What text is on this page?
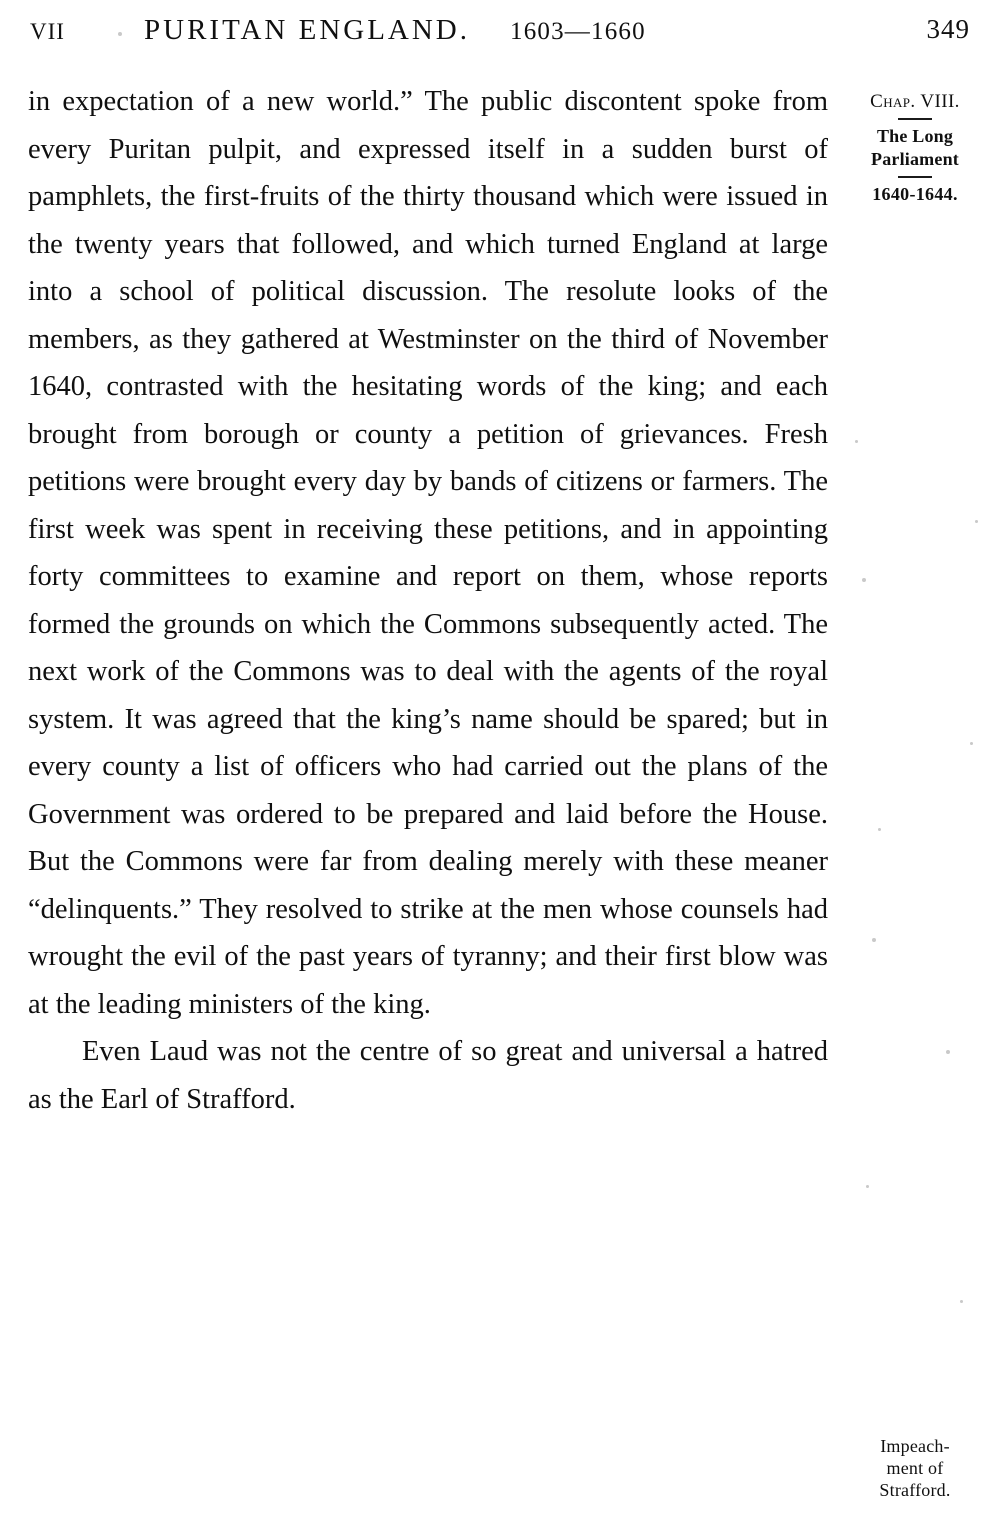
VII	PURITAN ENGLAND. 1603—1660	349

in expectation of a new world.” The public discontent spoke from every Puritan pulpit, and expressed itself in a sudden burst of pamphlets, the first-fruits of the thirty thousand which were issued in the twenty years that followed, and which turned England at large into a school of political discussion. The resolute looks of the members, as they gathered at Westminster on the third of November 1640, contrasted with the hesitating words of the king; and each brought from borough or county a petition of grievances. Fresh petitions were brought every day by bands of citizens or farmers. The first week was spent in receiving these petitions, and in appointing forty committees to examine and report on them, whose reports formed the grounds on which the Commons subsequently acted. The next work of the Commons was to deal with the agents of the royal system. It was agreed that the king’s name should be spared; but in every county a list of officers who had carried out the plans of the Government was ordered to be prepared and laid before the House. But the Commons were far from dealing merely with these meaner “delinquents.” They resolved to strike at the men whose counsels had wrought the evil of the past years of tyranny; and their first blow was at the leading ministers of the king.

Even Laud was not the centre of so great and universal a hatred as the Earl of Strafford.

Chap. VIII.
The Long
Parliament
1640-1644.
Impeach-
ment of
Strafford.
